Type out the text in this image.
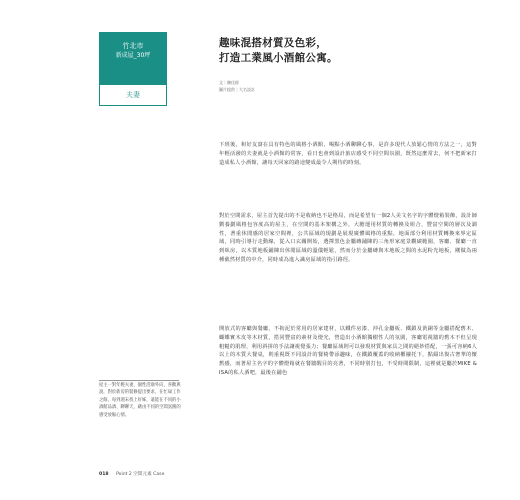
竹北市
新成屋_30坪
夫妻
趣味混搭材質及色彩，
打造工業風小酒館公寓。
文｜陳佳郁
圖片提供｜大名設計
下班後，和好友窩在具有特色的風格小酒館，喝點小酒聊聊心事，是許多現代人放鬆心情的方法之一，這對年輕活潑的夫妻就是小酒館的常客，看日也會到設計旅店感受不同空間氛圍，既然這麼常去，何不把新家打造成私人小酒館，讓每天回家的路途變成最令人期待的時刻。
對於空間需求，屋主首先提出的不是收納也不是格局，而是希望有一個2人美文名字的字體燈箱裝飾，設計師劉養劃風格包容度高的屋主，在空間的基本架構之外，大膽運用材質的轉換及組合，豐富空間的層次及調性，著重休閒感的居家空間裡，公共區域的規劃是展現廣體風格的重點，地面部分利用材質轉換來界定區域，同時引導行走動線，從入口玄關開始，選擇黑色金屬磚鋪陳的三角形家庭景觀碳範圍，客廳、餐廳一直到臥房，以木質地板鋪陳出休閒區域的溫儀輕鬆，然而分於金屬磚與木地板之間的水泥粉光地板，剛做為兩種截然材質的中介，同時成為進入識房區域的指引路徑。
開放式的客廳與餐廳，不拘泥於常用的居家建材，以鐵件房漆、沖孔金屬板、鐵鎖及黃銅等金屬搭配舊木、蝴蝶實木皮等木材質，搭同豐富的素材及燈光，營造出小酒館獨樹性人的氛圍，客廳電視牆的舊木不但呈現粗糙的肌理，利用斜拼的手法讓視覺張力；餐廳區域則可以發現材質與家具之間的絕妙搭配，一張可容納6人以上的木質大餐桌，則重視既不同設計的餐椅帶添趣味，在鐵鎖覆蓋的收納櫃襯托下，點綴出復古奢華的懷舊感，而著屋主名字的字體燈箱就在餐牆醒目的亮著，不同時別打包，不受時間限制，這裡就是屬於MIKE & ISA的私人酒吧，最後在鋪色
屋主一對年輕夫妻，個性活潑外向，喜歡與說，對於新房的裝修提出要求，在忙碌工作之餘，每到週末找上好姊，遠能在不同的小酒館品酒、聊聊天，藉由不同的空間氛圍的感受放鬆心情。
018 Point 2 空間元素 Case
